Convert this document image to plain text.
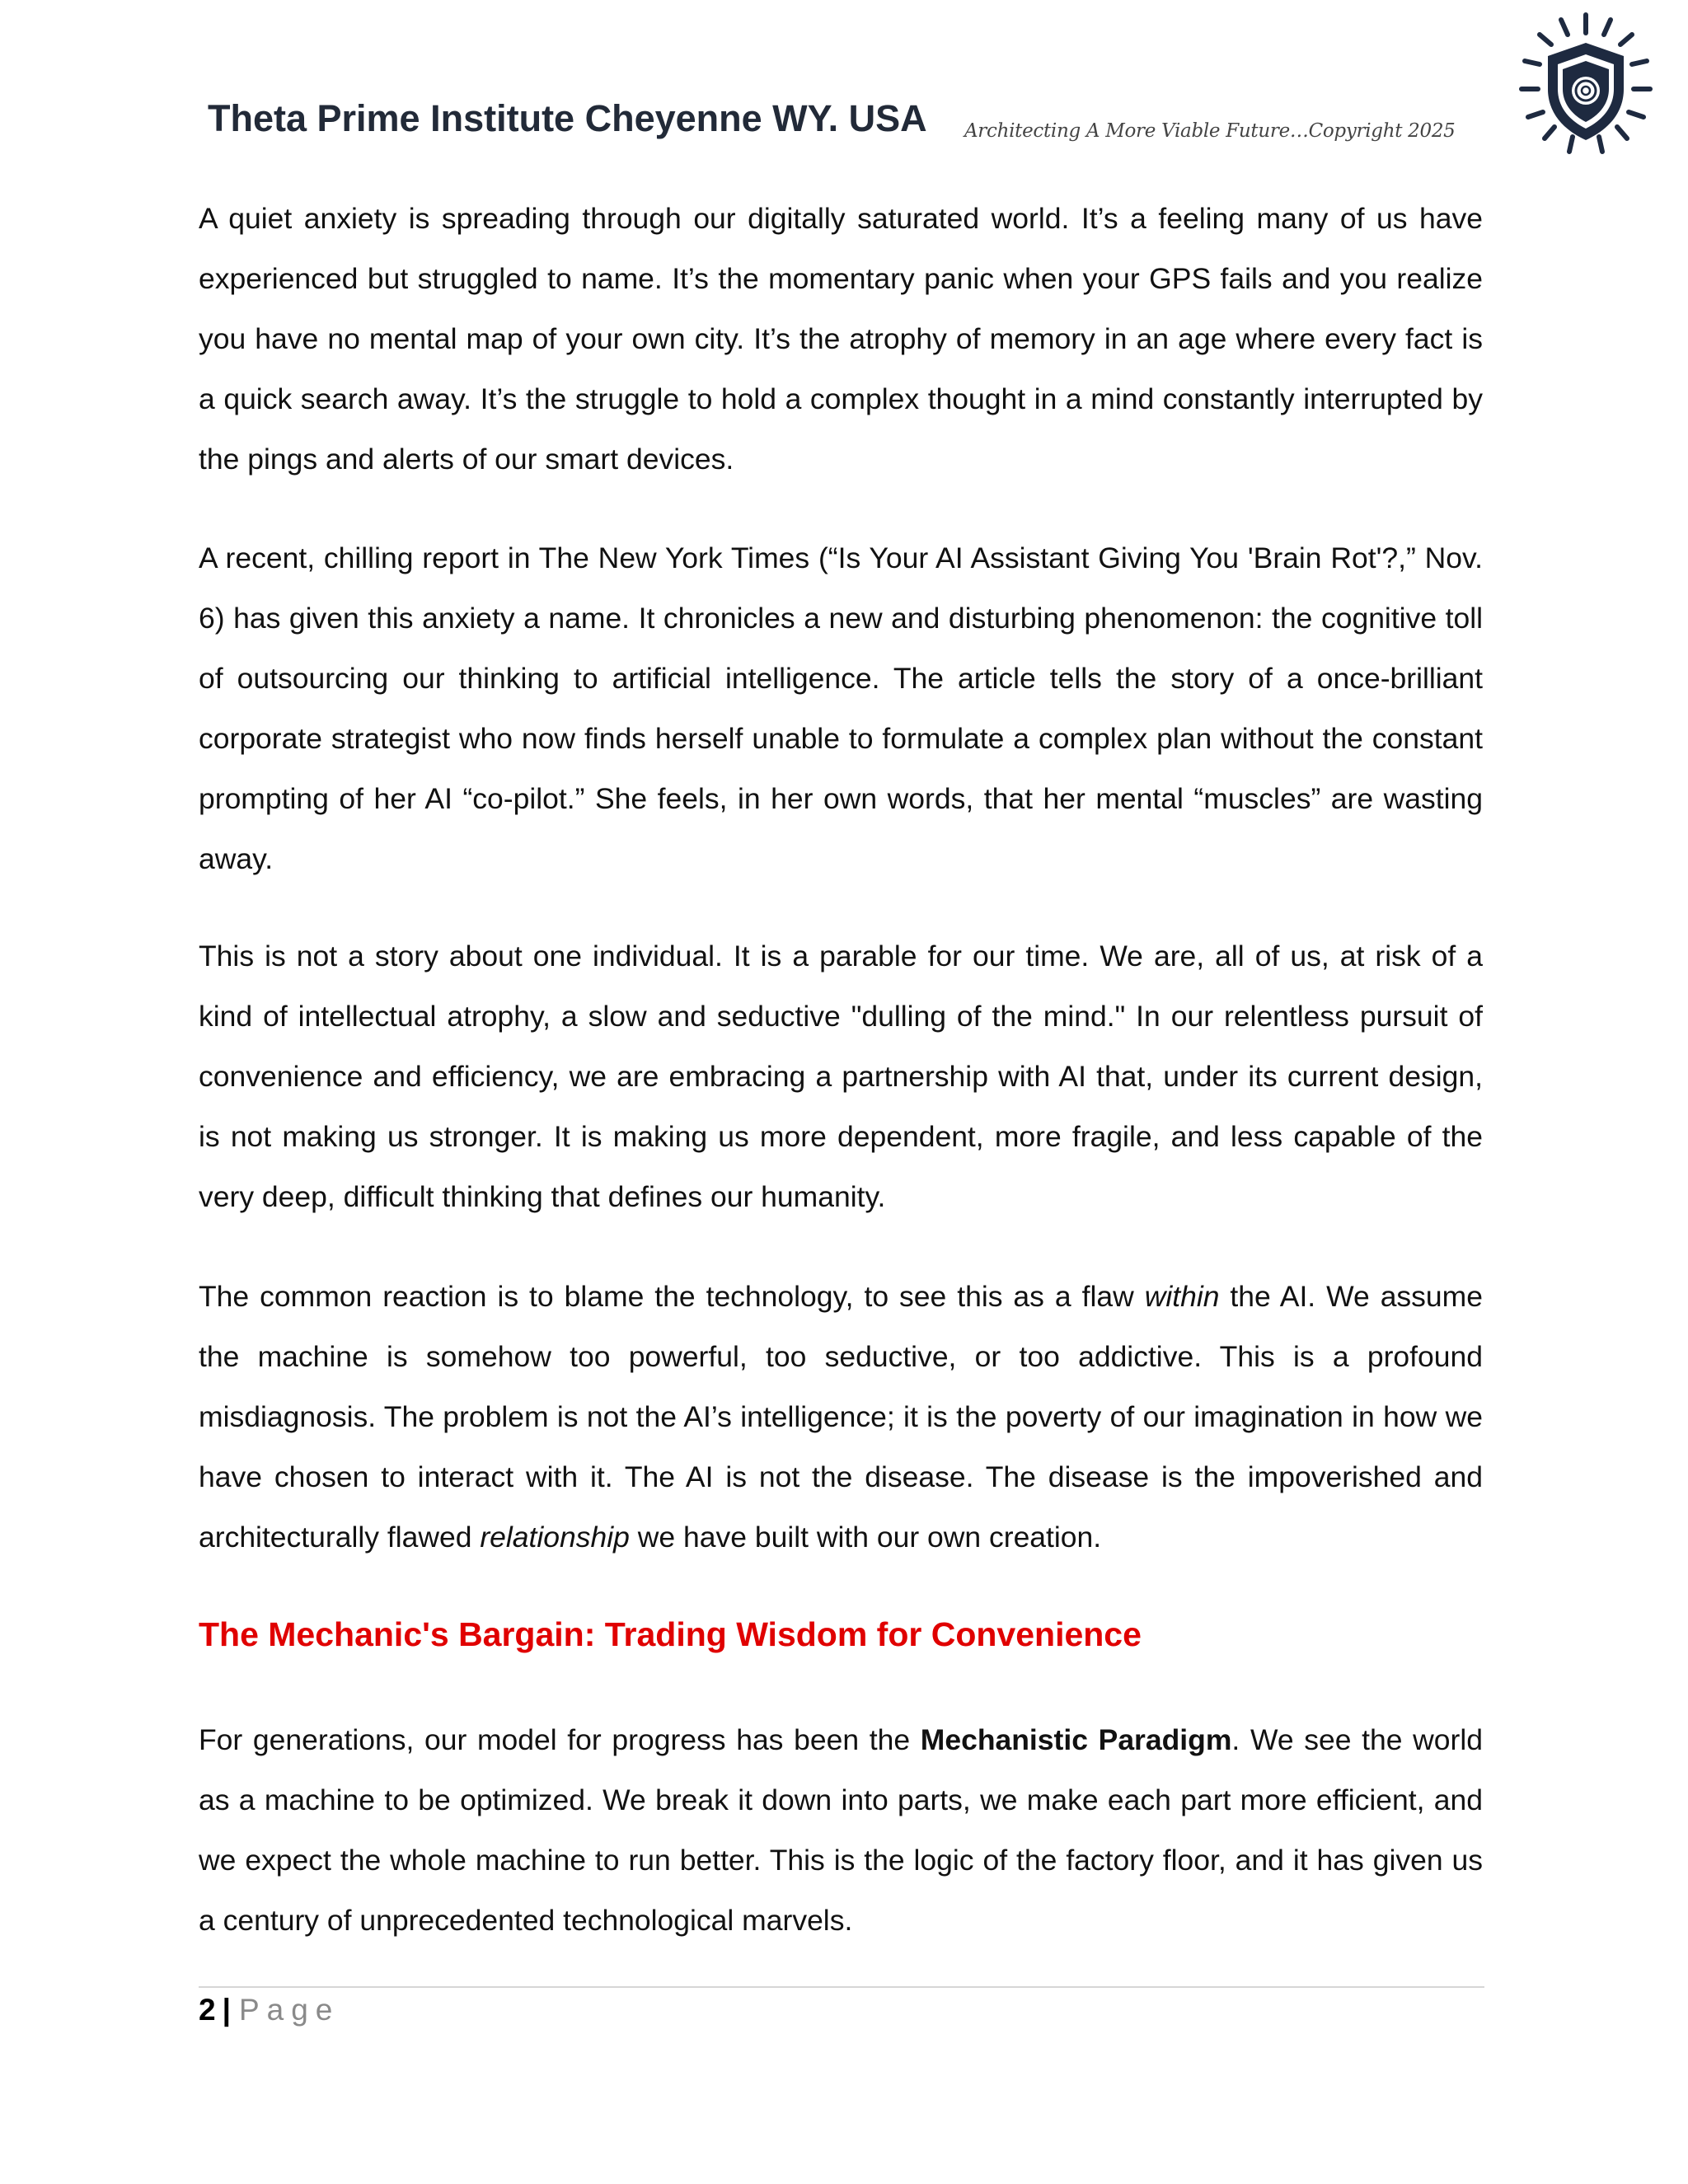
Theta Prime Institute Cheyenne WY. USA Architecting A More Viable Future…Copyright 2025

A quiet anxiety is spreading through our digitally saturated world. It’s a feeling many of us have experienced but struggled to name. It’s the momentary panic when your GPS fails and you realize you have no mental map of your own city. It’s the atrophy of memory in an age where every fact is a quick search away. It’s the struggle to hold a complex thought in a mind constantly interrupted by the pings and alerts of our smart devices.

A recent, chilling report in The New York Times (“Is Your AI Assistant Giving You 'Brain Rot'?,” Nov. 6) has given this anxiety a name. It chronicles a new and disturbing phenomenon: the cognitive toll of outsourcing our thinking to artificial intelligence. The article tells the story of a once-brilliant corporate strategist who now finds herself unable to formulate a complex plan without the constant prompting of her AI “co-pilot.” She feels, in her own words, that her mental “muscles” are wasting away.

This is not a story about one individual. It is a parable for our time. We are, all of us, at risk of a kind of intellectual atrophy, a slow and seductive "dulling of the mind." In our relentless pursuit of convenience and efficiency, we are embracing a partnership with AI that, under its current design, is not making us stronger. It is making us more dependent, more fragile, and less capable of the very deep, difficult thinking that defines our humanity.

The common reaction is to blame the technology, to see this as a flaw within the AI. We assume the machine is somehow too powerful, too seductive, or too addictive. This is a profound misdiagnosis. The problem is not the AI’s intelligence; it is the poverty of our imagination in how we have chosen to interact with it. The AI is not the disease. The disease is the impoverished and architecturally flawed relationship we have built with our own creation.

The Mechanic's Bargain: Trading Wisdom for Convenience

For generations, our model for progress has been the Mechanistic Paradigm. We see the world as a machine to be optimized. We break it down into parts, we make each part more efficient, and we expect the whole machine to run better. This is the logic of the factory floor, and it has given us a century of unprecedented technological marvels.

2 | Page
